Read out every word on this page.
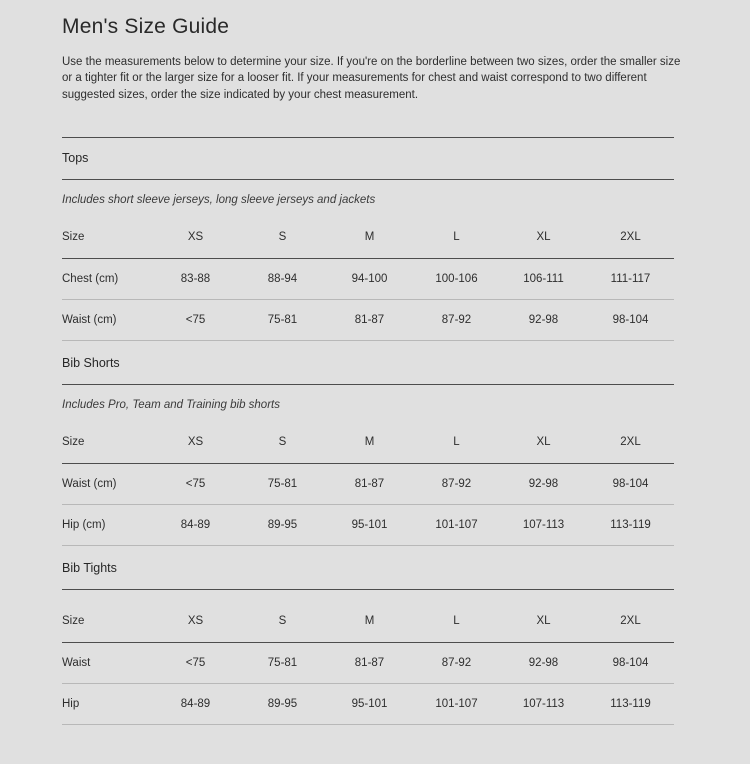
Men's Size Guide
Use the measurements below to determine your size. If you're on the borderline between two sizes, order the smaller size
or a tighter fit or the larger size for a looser fit. If your measurements for chest and waist correspond to two different
suggested sizes, order the size indicated by your chest measurement.
Tops
Includes short sleeve jerseys, long sleeve jerseys and jackets
Size	XS	S	M	L	XL	2XL
Chest (cm)	83-88	88-94	94-100	100-106	106-111	111-117
Waist (cm)	<75	75-81	81-87	87-92	92-98	98-104
Bib Shorts
Includes Pro, Team and Training bib shorts
Size	XS	S	M	L	XL	2XL
Waist (cm)	<75	75-81	81-87	87-92	92-98	98-104
Hip (cm)	84-89	89-95	95-101	101-107	107-113	113-119
Bib Tights
Size	XS	S	M	L	XL	2XL
Waist	<75	75-81	81-87	87-92	92-98	98-104
Hip	84-89	89-95	95-101	101-107	107-113	113-119
